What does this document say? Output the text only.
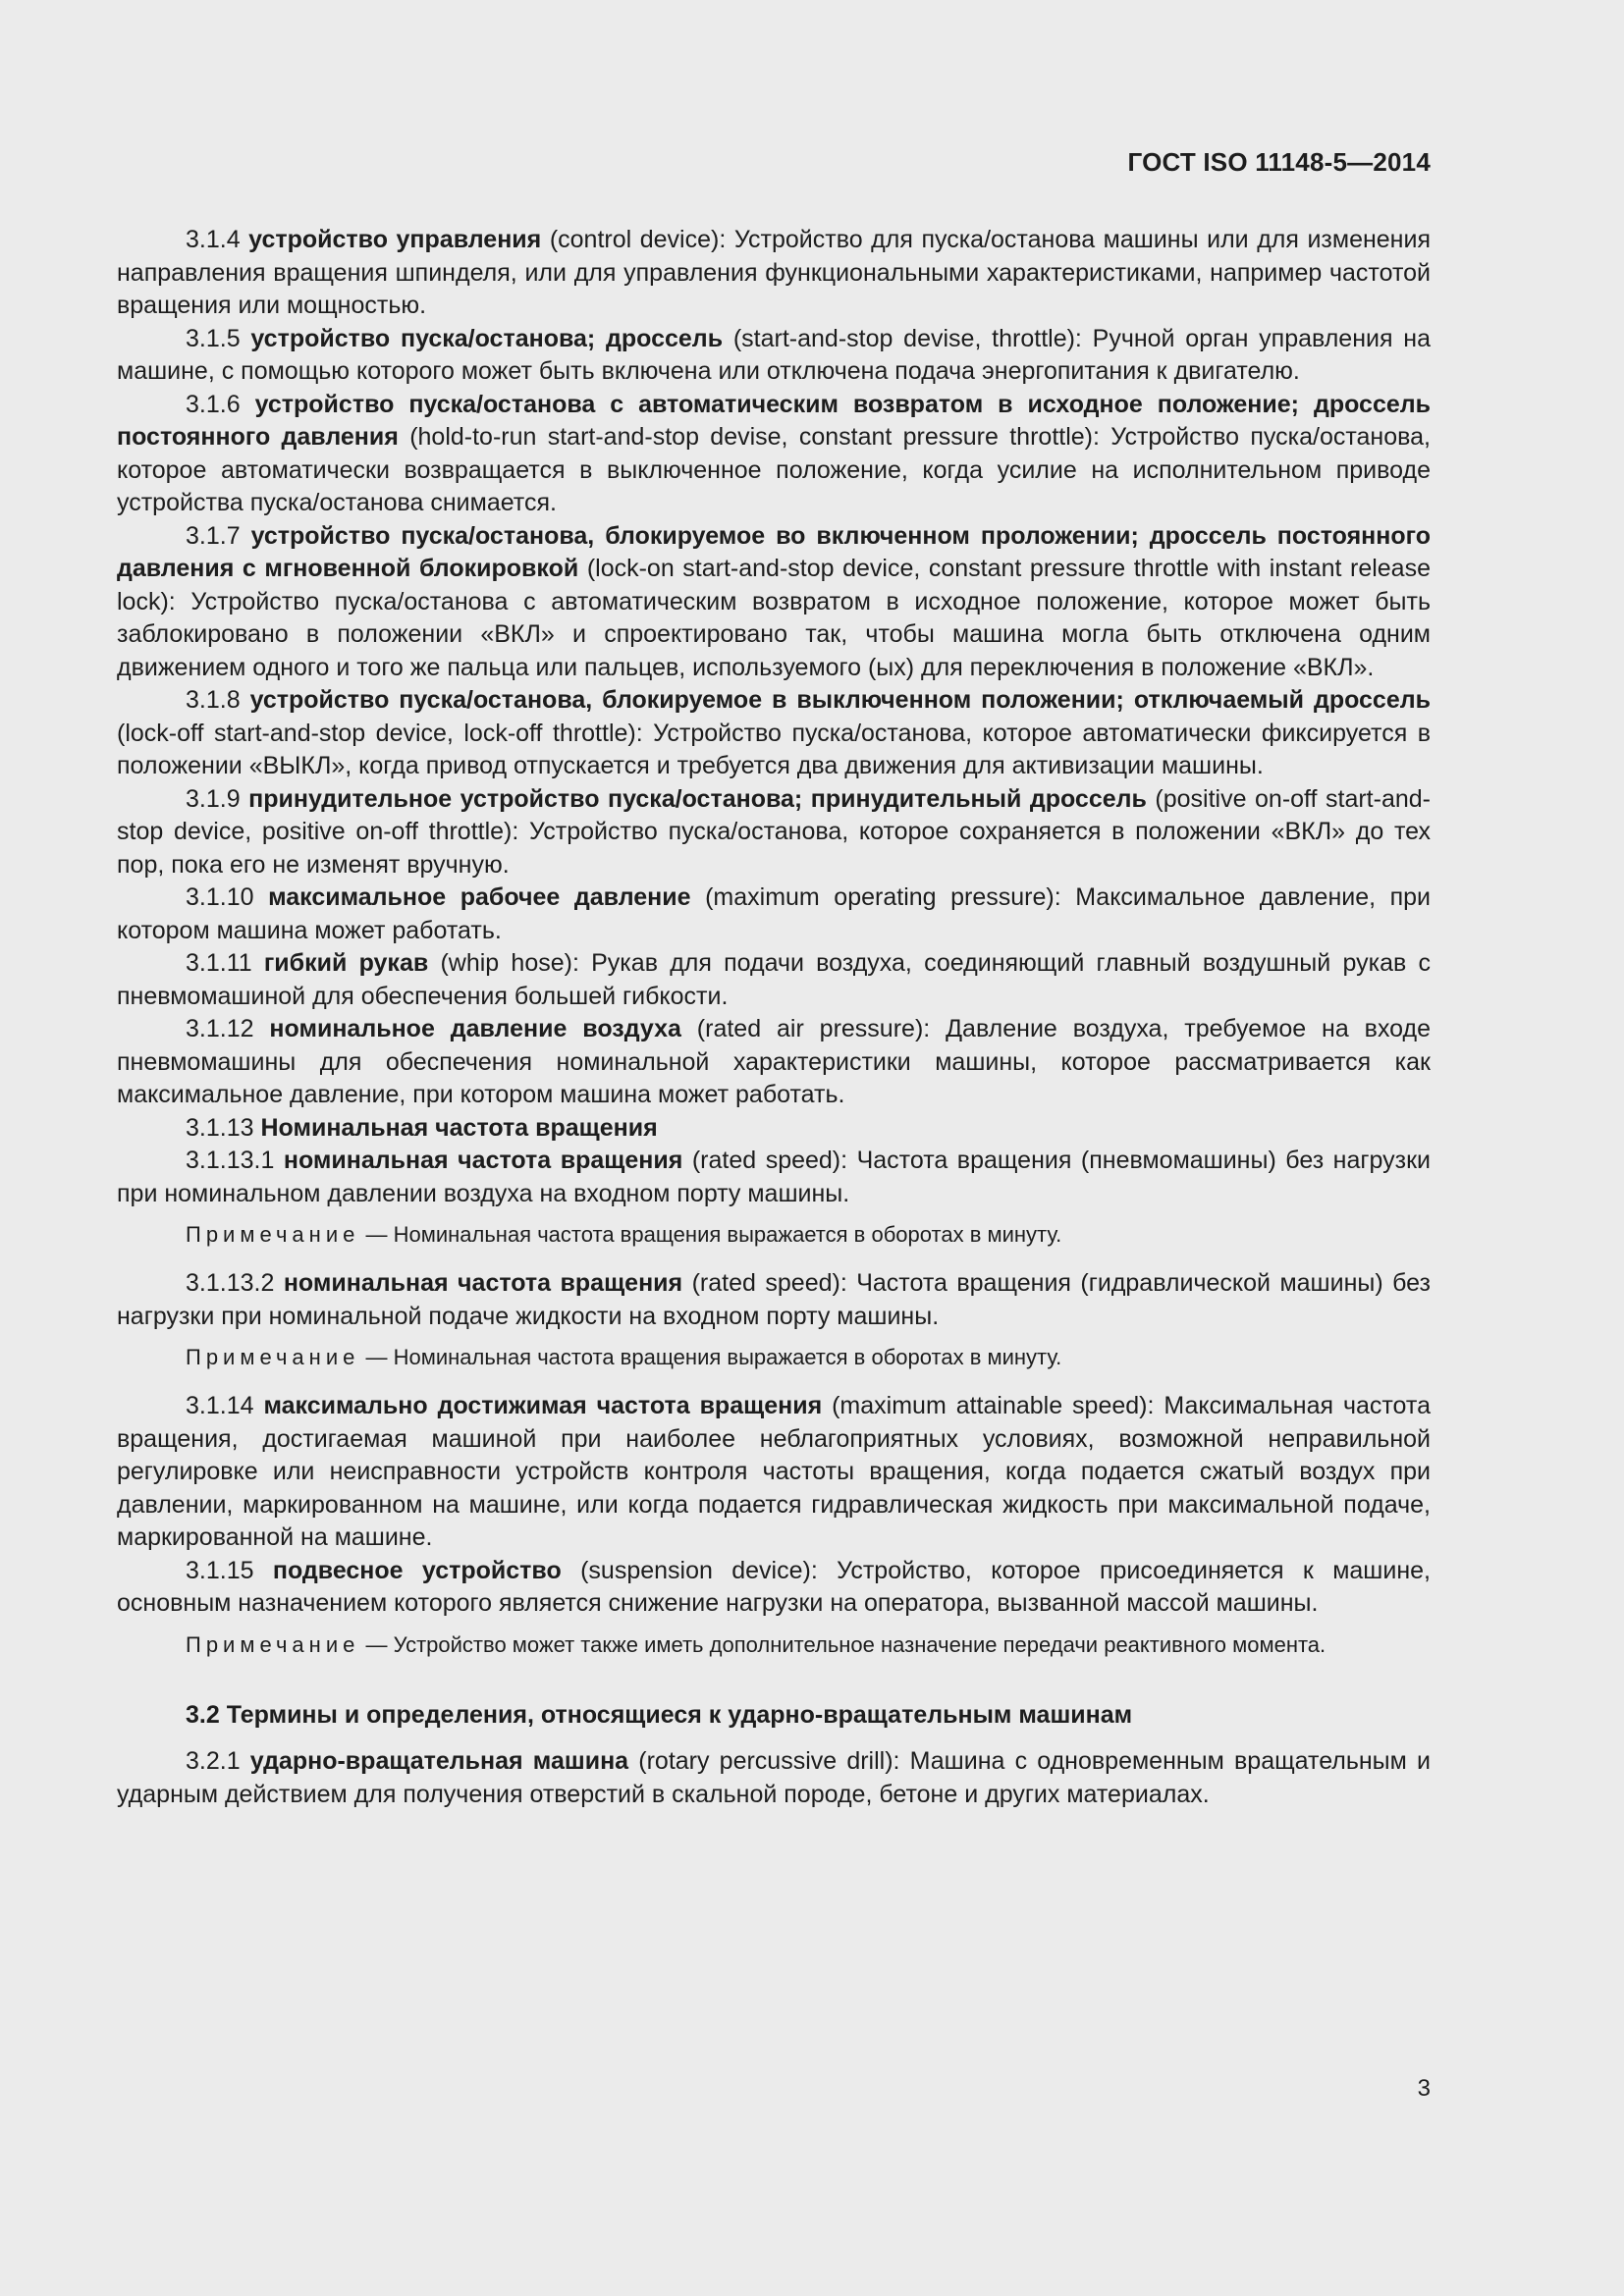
ГОСТ ISO 11148-5—2014

3.1.4 устройство управления (control device): Устройство для пуска/останова машины или для изменения направления вращения шпинделя, или для управления функциональными характеристиками, например частотой вращения или мощностью.

3.1.5 устройство пуска/останова; дроссель (start-and-stop devise, throttle): Ручной орган управления на машине, с помощью которого может быть включена или отключена подача энергопитания к двигателю.

3.1.6 устройство пуска/останова с автоматическим возвратом в исходное положение; дроссель постоянного давления (hold-to-run start-and-stop devise, constant pressure throttle): Устройство пуска/останова, которое автоматически возвращается в выключенное положение, когда усилие на исполнительном приводе устройства пуска/останова снимается.

3.1.7 устройство пуска/останова, блокируемое во включенном проложении; дроссель постоянного давления с мгновенной блокировкой (lock-on start-and-stop device, constant pressure throttle with instant release lock): Устройство пуска/останова с автоматическим возвратом в исходное положение, которое может быть заблокировано в положении «ВКЛ» и спроектировано так, чтобы машина могла быть отключена одним движением одного и того же пальца или пальцев, используемого (ых) для переключения в положение «ВКЛ».

3.1.8 устройство пуска/останова, блокируемое в выключенном положении; отключаемый дроссель (lock-off start-and-stop device, lock-off throttle): Устройство пуска/останова, которое автоматически фиксируется в положении «ВЫКЛ», когда привод отпускается и требуется два движения для активизации машины.

3.1.9 принудительное устройство пуска/останова; принудительный дроссель (positive on-off start-and-stop device, positive on-off throttle): Устройство пуска/останова, которое сохраняется в положении «ВКЛ» до тех пор, пока его не изменят вручную.

3.1.10 максимальное рабочее давление (maximum operating pressure): Максимальное давление, при котором машина может работать.

3.1.11 гибкий рукав (whip hose): Рукав для подачи воздуха, соединяющий главный воздушный рукав с пневмомашиной для обеспечения большей гибкости.

3.1.12 номинальное давление воздуха (rated air pressure): Давление воздуха, требуемое на входе пневмомашины для обеспечения номинальной характеристики машины, которое рассматривается как максимальное давление, при котором машина может работать.

3.1.13 Номинальная частота вращения

3.1.13.1 номинальная частота вращения (rated speed): Частота вращения (пневмомашины) без нагрузки при номинальном давлении воздуха на входном порту машины.

Примечание — Номинальная частота вращения выражается в оборотах в минуту.

3.1.13.2 номинальная частота вращения (rated speed): Частота вращения (гидравлической машины) без нагрузки при номинальной подаче жидкости на входном порту машины.

Примечание — Номинальная частота вращения выражается в оборотах в минуту.

3.1.14 максимально достижимая частота вращения (maximum attainable speed): Максимальная частота вращения, достигаемая машиной при наиболее неблагоприятных условиях, возможной неправильной регулировке или неисправности устройств контроля частоты вращения, когда подается сжатый воздух при давлении, маркированном на машине, или когда подается гидравлическая жидкость при максимальной подаче, маркированной на машине.

3.1.15 подвесное устройство (suspension device): Устройство, которое присоединяется к машине, основным назначением которого является снижение нагрузки на оператора, вызванной массой машины.

Примечание — Устройство может также иметь дополнительное назначение передачи реактивного момента.

3.2 Термины и определения, относящиеся к ударно-вращательным машинам

3.2.1 ударно-вращательная машина (rotary percussive drill): Машина с одновременным вращательным и ударным действием для получения отверстий в скальной породе, бетоне и других материалах.

3
